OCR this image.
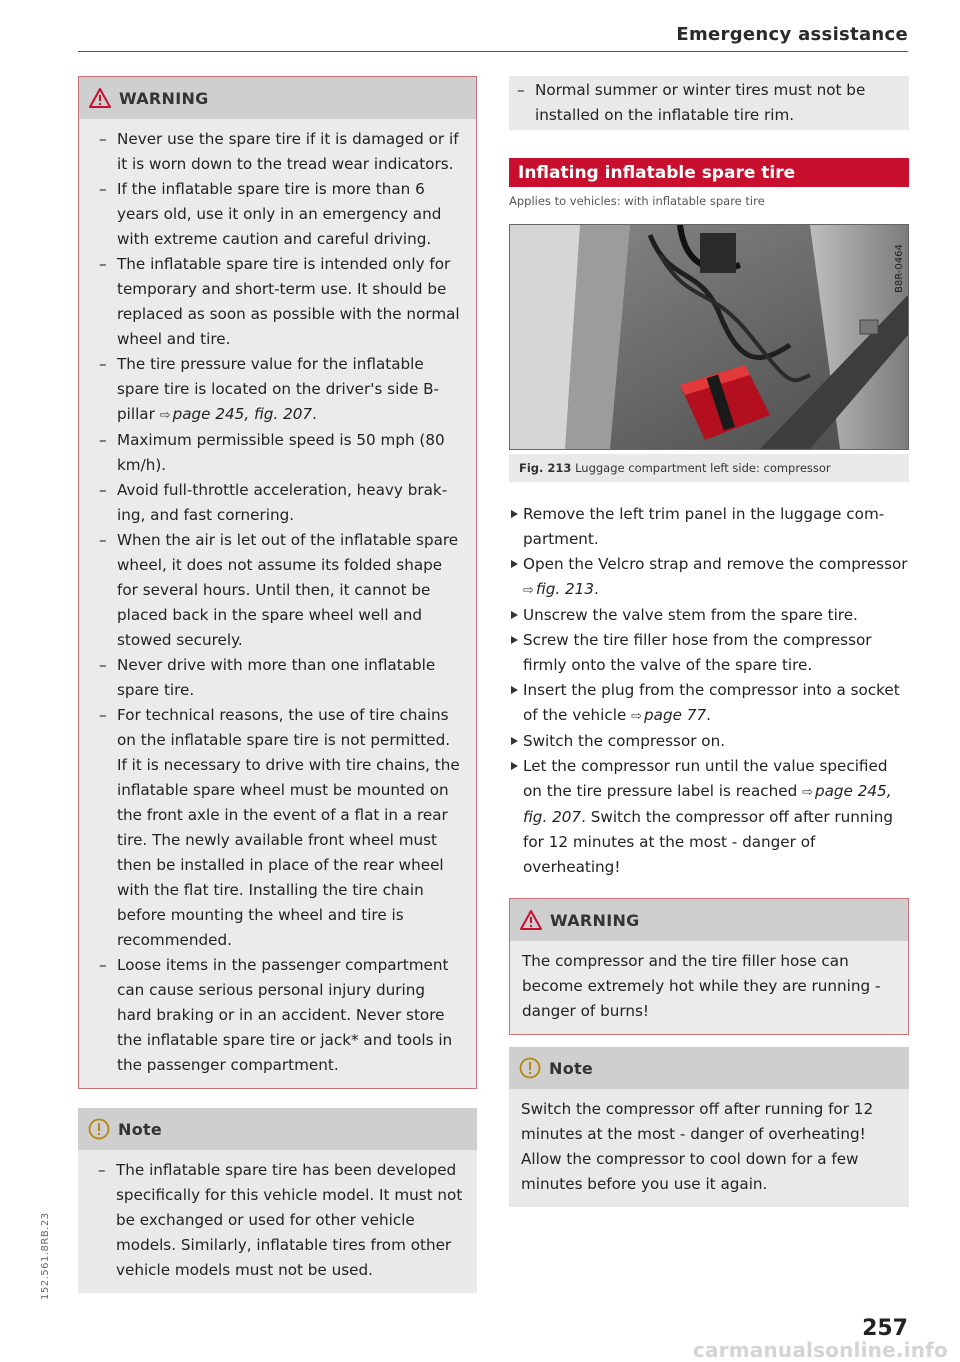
Emergency assistance
WARNING
– Never use the spare tire if it is damaged or if it is worn down to the tread wear indicators.
– If the inflatable spare tire is more than 6 years old, use it only in an emergency and with extreme caution and careful driving.
– The inflatable spare tire is intended only for temporary and short-term use. It should be replaced as soon as possible with the normal wheel and tire.
– The tire pressure value for the inflatable spare tire is located on the driver's side B-pillar ⇨ page 245, fig. 207.
– Maximum permissible speed is 50 mph (80 km/h).
– Avoid full-throttle acceleration, heavy braking, and fast cornering.
– When the air is let out of the inflatable spare wheel, it does not assume its folded shape for several hours. Until then, it cannot be placed back in the spare wheel well and stowed securely.
– Never drive with more than one inflatable spare tire.
– For technical reasons, the use of tire chains on the inflatable spare tire is not permitted. If it is necessary to drive with tire chains, the inflatable spare wheel must be mounted on the front axle in the event of a flat in a rear tire. The newly available front wheel must then be installed in place of the rear wheel with the flat tire. Installing the tire chain before mounting the wheel and tire is recommended.
– Loose items in the passenger compartment can cause serious personal injury during hard braking or in an accident. Never store the inflatable spare tire or jack* and tools in the passenger compartment.
Note
– The inflatable spare tire has been developed specifically for this vehicle model. It must not be exchanged or used for other vehicle models. Similarly, inflatable tires from other vehicle models must not be used.
– Normal summer or winter tires must not be installed on the inflatable tire rim.
Inflating inflatable spare tire
Applies to vehicles: with inflatable spare tire
B8R-0464
Fig. 213 Luggage compartment left side: compressor
Remove the left trim panel in the luggage compartment.
Open the Velcro strap and remove the compressor ⇨ fig. 213.
Unscrew the valve stem from the spare tire.
Screw the tire filler hose from the compressor firmly onto the valve of the spare tire.
Insert the plug from the compressor into a socket of the vehicle ⇨ page 77.
Switch the compressor on.
Let the compressor run until the value specified on the tire pressure label is reached ⇨ page 245, fig. 207. Switch the compressor off after running for 12 minutes at the most - danger of overheating!
WARNING
The compressor and the tire filler hose can become extremely hot while they are running - danger of burns!
Note
Switch the compressor off after running for 12 minutes at the most - danger of overheating! Allow the compressor to cool down for a few minutes before you use it again.
152.561.8RB.23
257
carmanualsonline.info
